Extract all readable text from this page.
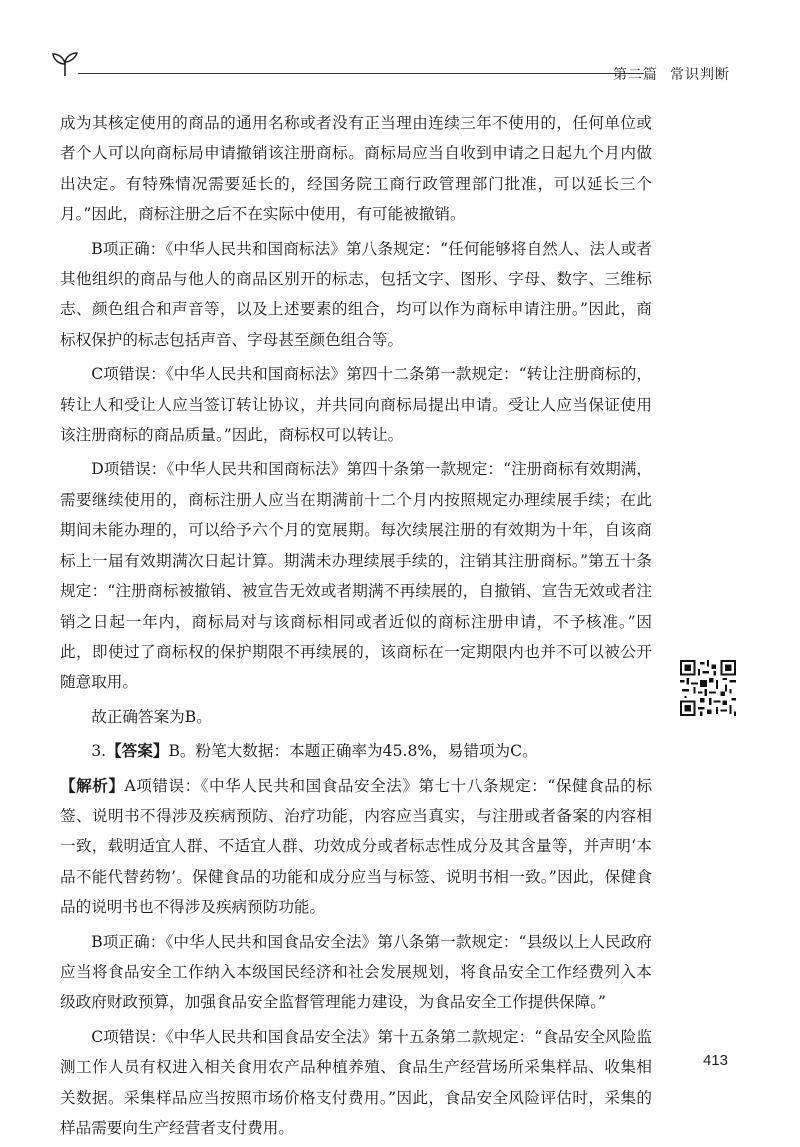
第二篇 常识判断

成为其核定使用的商品的通用名称或者没有正当理由连续三年不使用的，任何单位或者个人可以向商标局申请撤销该注册商标。商标局应当自收到申请之日起九个月内做出决定。有特殊情况需要延长的，经国务院工商行政管理部门批准，可以延长三个月。”因此，商标注册之后不在实际中使用，有可能被撤销。

B项正确：《中华人民共和国商标法》第八条规定：“任何能够将自然人、法人或者其他组织的商品与他人的商品区别开的标志，包括文字、图形、字母、数字、三维标志、颜色组合和声音等，以及上述要素的组合，均可以作为商标申请注册。”因此，商标权保护的标志包括声音、字母甚至颜色组合等。

C项错误：《中华人民共和国商标法》第四十二条第一款规定：“转让注册商标的，转让人和受让人应当签订转让协议，并共同向商标局提出申请。受让人应当保证使用该注册商标的商品质量。”因此，商标权可以转让。

D项错误：《中华人民共和国商标法》第四十条第一款规定：“注册商标有效期满，需要继续使用的，商标注册人应当在期满前十二个月内按照规定办理续展手续；在此期间未能办理的，可以给予六个月的宽展期。每次续展注册的有效期为十年，自该商标上一届有效期满次日起计算。期满未办理续展手续的，注销其注册商标。”第五十条规定：“注册商标被撤销、被宣告无效或者期满不再续展的，自撤销、宣告无效或者注销之日起一年内，商标局对与该商标相同或者近似的商标注册申请，不予核准。”因此，即使过了商标权的保护期限不再续展的，该商标在一定期限内也并不可以被公开随意取用。

故正确答案为B。

3.【答案】B。粉笔大数据：本题正确率为45.8%，易错项为C。

【解析】A项错误：《中华人民共和国食品安全法》第七十八条规定：“保健食品的标签、说明书不得涉及疾病预防、治疗功能，内容应当真实，与注册或者备案的内容相一致，载明适宜人群、不适宜人群、功效成分或者标志性成分及其含量等，并声明‘本品不能代替药物’。保健食品的功能和成分应当与标签、说明书相一致。”因此，保健食品的说明书也不得涉及疾病预防功能。

B项正确：《中华人民共和国食品安全法》第八条第一款规定：“县级以上人民政府应当将食品安全工作纳入本级国民经济和社会发展规划，将食品安全工作经费列入本级政府财政预算，加强食品安全监督管理能力建设，为食品安全工作提供保障。”

C项错误：《中华人民共和国食品安全法》第十五条第二款规定：“食品安全风险监测工作人员有权进入相关食用农产品种植养殖、食品生产经营场所采集样品、收集相关数据。采集样品应当按照市场价格支付费用。”因此，食品安全风险评估时，采集的样品需要向生产经营者支付费用。

413
